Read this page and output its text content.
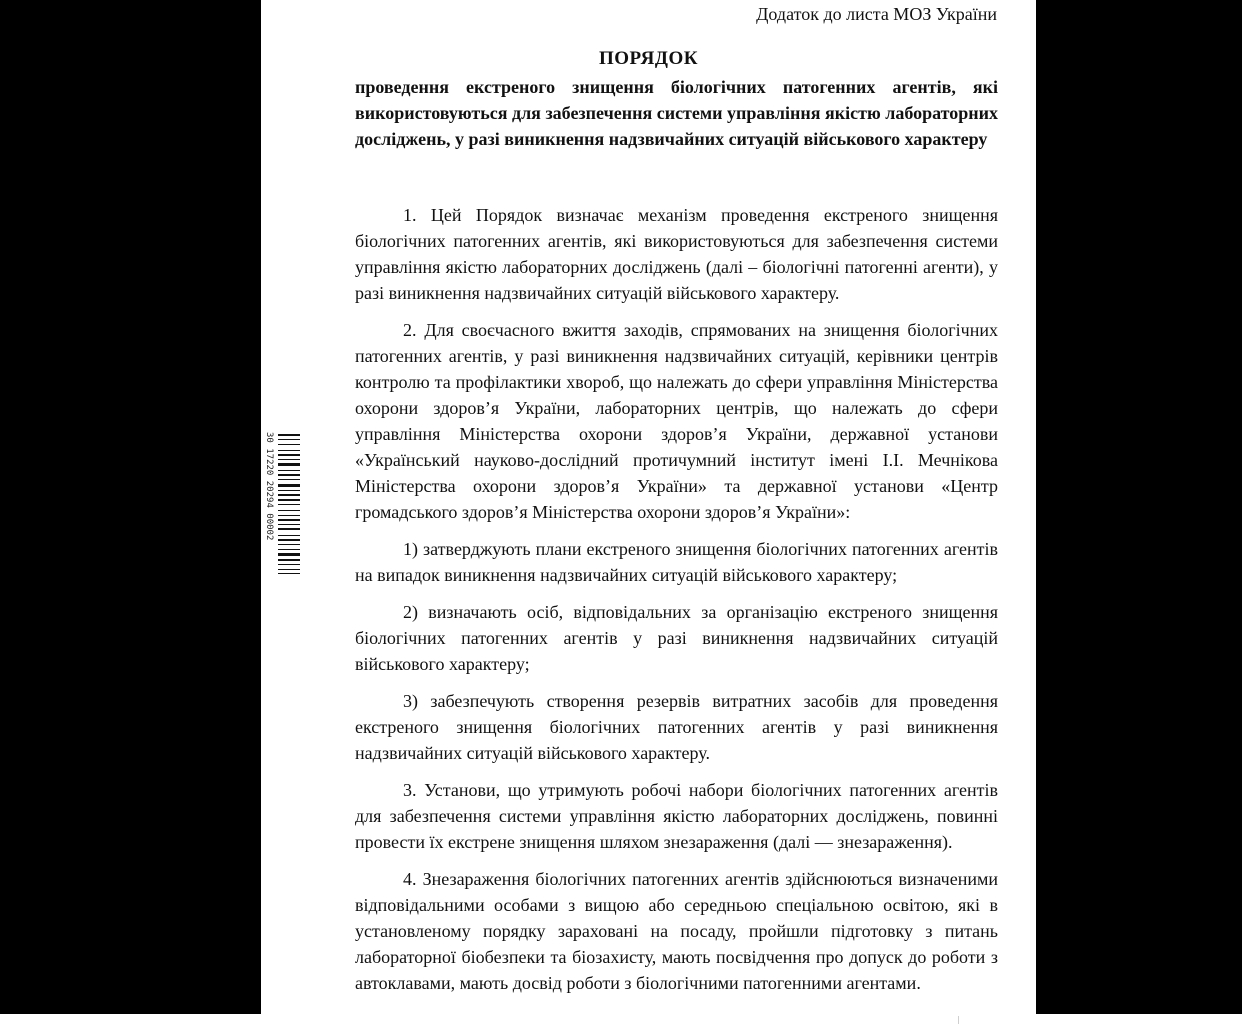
Додаток до листа МОЗ України
ПОРЯДОК
проведення екстреного знищення біологічних патогенних агентів, які використовуються для забезпечення системи управління якістю лабораторних досліджень, у разі виникнення надзвичайних ситуацій військового характеру

1. Цей Порядок визначає механізм проведення екстреного знищення біологічних патогенних агентів, які використовуються для забезпечення системи управління якістю лабораторних досліджень (далі – біологічні патогенні агенти), у разі виникнення надзвичайних ситуацій військового характеру.

2. Для своєчасного вжиття заходів, спрямованих на знищення біологічних патогенних агентів, у разі виникнення надзвичайних ситуацій, керівники центрів контролю та профілактики хвороб, що належать до сфери управління Міністерства охорони здоров’я України, лабораторних центрів, що належать до сфери управління Міністерства охорони здоров’я України, державної установи «Український науково-дослідний протичумний інститут імені І.І. Мечнікова Міністерства охорони здоров’я України» та державної установи «Центр громадського здоров’я Міністерства охорони здоров’я України»:

1) затверджують плани екстреного знищення біологічних патогенних агентів на випадок виникнення надзвичайних ситуацій військового характеру;

2) визначають осіб, відповідальних за організацію екстреного знищення біологічних патогенних агентів у разі виникнення надзвичайних ситуацій військового характеру;

3) забезпечують створення резервів витратних засобів для проведення екстреного знищення біологічних патогенних агентів у разі виникнення надзвичайних ситуацій військового характеру.

3. Установи, що утримують робочі набори біологічних патогенних агентів для забезпечення системи управління якістю лабораторних досліджень, повинні провести їх екстрене знищення шляхом знезараження (далі — знезараження).

4. Знезараження біологічних патогенних агентів здійснюються визначеними відповідальними особами з вищою або середньою спеціальною освітою, які в установленому порядку зараховані на посаду, пройшли підготовку з питань лабораторної біобезпеки та біозахисту, мають посвідчення про допуск до роботи з автоклавами, мають досвід роботи з біологічними патогенними агентами.

30 17220 20294 00002
